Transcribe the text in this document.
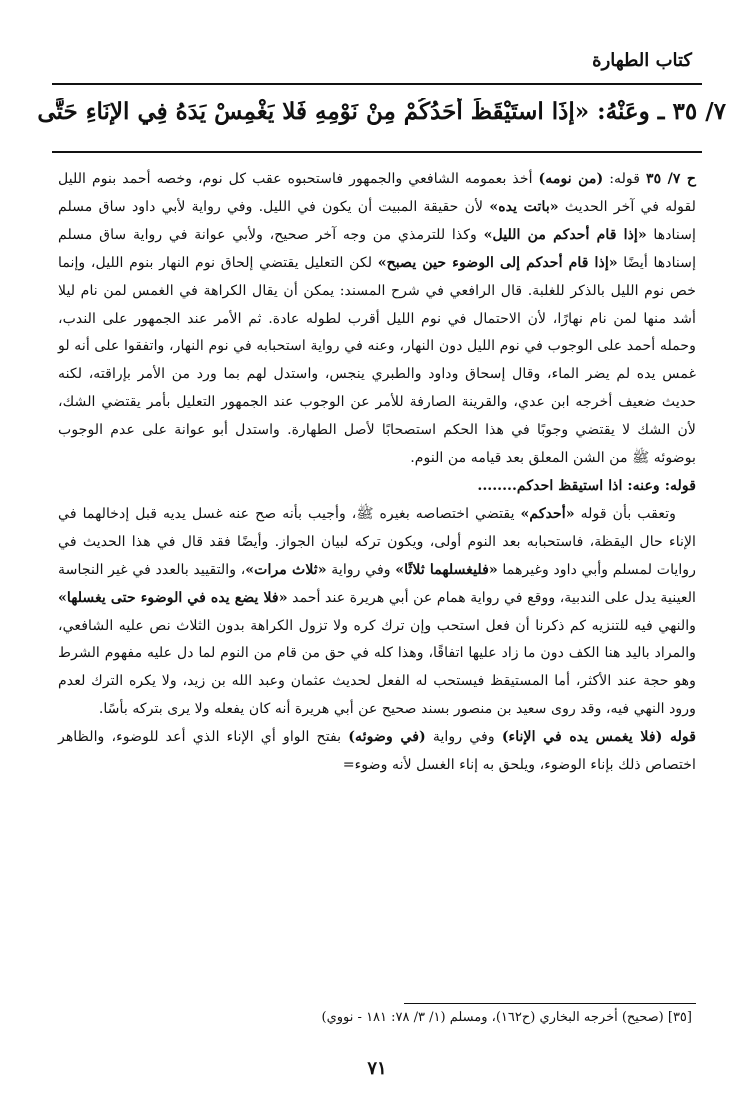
كتاب الطهارة

٧/ ٣٥ ـ وعَنْهُ: «إذَا استَيْقَظَ أَحَدُكُمْ مِنْ نَوْمِهِ فَلا يَغْمِسْ يَدَهُ فِي الإِنَاءِ حَتَّى

ح ٧/ ٣٥ قوله: (من نومه) أخذ بعمومه الشافعي والجمهور فاستحبوه عقب كل نوم، وخصه أحمد بنوم الليل لقوله في آخر الحديث «باتت يده» لأن حقيقة المبيت أن يكون في الليل. وفي رواية لأبي داود ساق مسلم إسنادها «إذا قام أحدكم من الليل» وكذا للترمذي من وجه آخر صحيح، ولأبي عوانة في رواية ساق مسلم إسنادها أيضًا «إذا قام أحدكم إلى الوضوء حين يصبح» لكن التعليل يقتضي إلحاق نوم النهار بنوم الليل، وإنما خص نوم الليل بالذكر للغلبة. قال الرافعي في شرح المسند: يمكن أن يقال الكراهة في الغمس لمن نام ليلا أشد منها لمن نام نهارًا، لأن الاحتمال في نوم الليل أقرب لطوله عادة. ثم الأمر عند الجمهور على الندب، وحمله أحمد على الوجوب في نوم الليل دون النهار، وعنه في رواية استحبابه في نوم النهار، واتفقوا على أنه لو غمس يده لم يضر الماء، وقال إسحاق وداود والطبري ينجس، واستدل لهم بما ورد من الأمر بإراقته، لكنه حديث ضعيف أخرجه ابن عدي، والقرينة الصارفة للأمر عن الوجوب عند الجمهور التعليل بأمر يقتضي الشك، لأن الشك لا يقتضي وجوبًا في هذا الحكم استصحابًا لأصل الطهارة. واستدل أبو عوانة على عدم الوجوب بوضوئه ﷺ من الشن المعلق بعد قيامه من النوم.

قوله: وعنه: اذا استيقظ احدكم........

وتعقب بأن قوله «أحدكم» يقتضي اختصاصه بغيره ﷺ، وأجيب بأنه صح عنه غسل يديه قبل إدخالهما في الإناء حال اليقظة، فاستحبابه بعد النوم أولى، ويكون تركه لبيان الجواز. وأيضًا فقد قال في هذا الحديث في روايات لمسلم وأبي داود وغيرهما «فليغسلهما ثلاثًا» وفي رواية «ثلاث مرات»، والتقييد بالعدد في غير النجاسة العينية يدل على الندبية، ووقع في رواية همام عن أبي هريرة عند أحمد «فلا يضع يده في الوضوء حتى يغسلها» والنهي فيه للتنزيه كم ذكرنا أن فعل استحب وإن ترك كره ولا تزول الكراهة بدون الثلاث نص عليه الشافعي، والمراد باليد هنا الكف دون ما زاد عليها اتفاقًا، وهذا كله في حق من قام من النوم لما دل عليه مفهوم الشرط وهو حجة عند الأكثر، أما المستيقظ فيستحب له الفعل لحديث عثمان وعبد الله بن زيد، ولا يكره الترك لعدم ورود النهي فيه، وقد روى سعيد بن منصور بسند صحيح عن أبي هريرة أنه كان يفعله ولا يرى بتركه بأسًا.

قوله (فلا يغمس يده في الإناء) وفي رواية (في وضوئه) بفتح الواو أي الإناء الذي أعد للوضوء، والظاهر اختصاص ذلك بإناء الوضوء، ويلحق به إناء الغسل لأنه وضوء=

[٣٥] (صحيح) أخرجه البخاري (ح١٦٢)، ومسلم (١/ ٣/ ٧٨: ١٨١ - نووي)

٧١
